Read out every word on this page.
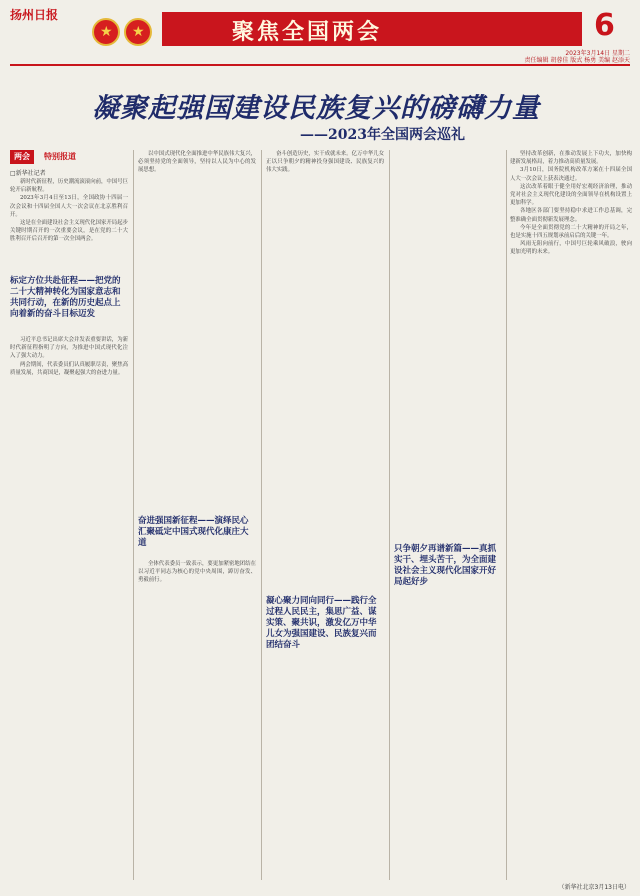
扬州日报
★ ★	聚焦全国两会	6
2023年3月14日 星期二
责任编辑 胡蓉佳 版式 杨勇 美编 赵添天
凝聚起强国建设民族复兴的磅礴力量
——2023年全国两会巡礼
两会	特别报道
□新华社记者

新时代新征程，历史潮流滚滚向前，中国号巨轮开启新航程。

2023年3月4日至13日，全国政协十四届一次会议和十四届全国人大一次会议在北京胜利召开。

这是在全面建设社会主义现代化国家开局起步关键时期召开的一次重要会议，是在党的二十大胜利召开后召开的第一次全国两会。

标定方位共赴征程——把党的二十大精神转化为国家意志和共同行动，在新的历史起点上向着新的奋斗目标迈发

习近平总书记出席大会并发表重要讲话，为新时代新征程指明了方向，为推进中国式现代化注入了强大动力。

两会期间，代表委员们认真履职尽责，聚焦高质量发展，共商国是，凝聚起强大的奋进力量。

以中国式现代化全面推进中华民族伟大复兴，必须坚持党的全面领导，坚持以人民为中心的发展思想。

奋进强国新征程——演绎民心汇聚砥定中国式现代化康庄大道

全体代表委员一致表示，要更加紧密地团结在以习近平同志为核心的党中央周围，踔厉奋发、勇毅前行。

奋斗创造历史，实干成就未来。亿万中华儿女正以只争朝夕的精神投身强国建设、民族复兴的伟大实践。

凝心聚力同向同行——践行全过程人民民主，集思广益、谋实策、聚共识，激发亿万中华儿女为强国建设、民族复兴而团结奋斗
只争朝夕再谱新篇——真抓实干、埋头苦干，为全面建设社会主义现代化国家开好局起好步

坚持改革创新，在推动发展上下功夫，加快构建新发展格局，着力推动高质量发展。

3月10日，国务院机构改革方案在十四届全国人大一次会议上获表决通过。

这次改革着眼于健全用好宏观经济治理，推动党对社会主义现代化建设的全面领导在机构设置上更加科学。

各地区各部门要坚持稳中求进工作总基调，完整准确全面贯彻新发展理念。

今年是全面贯彻党的二十大精神的开局之年，也是实施十四五规划承前启后的关键一年。

风雨无阻向前行，中国号巨轮乘风破浪，驶向更加光明的未来。

（新华社北京3月13日电）
